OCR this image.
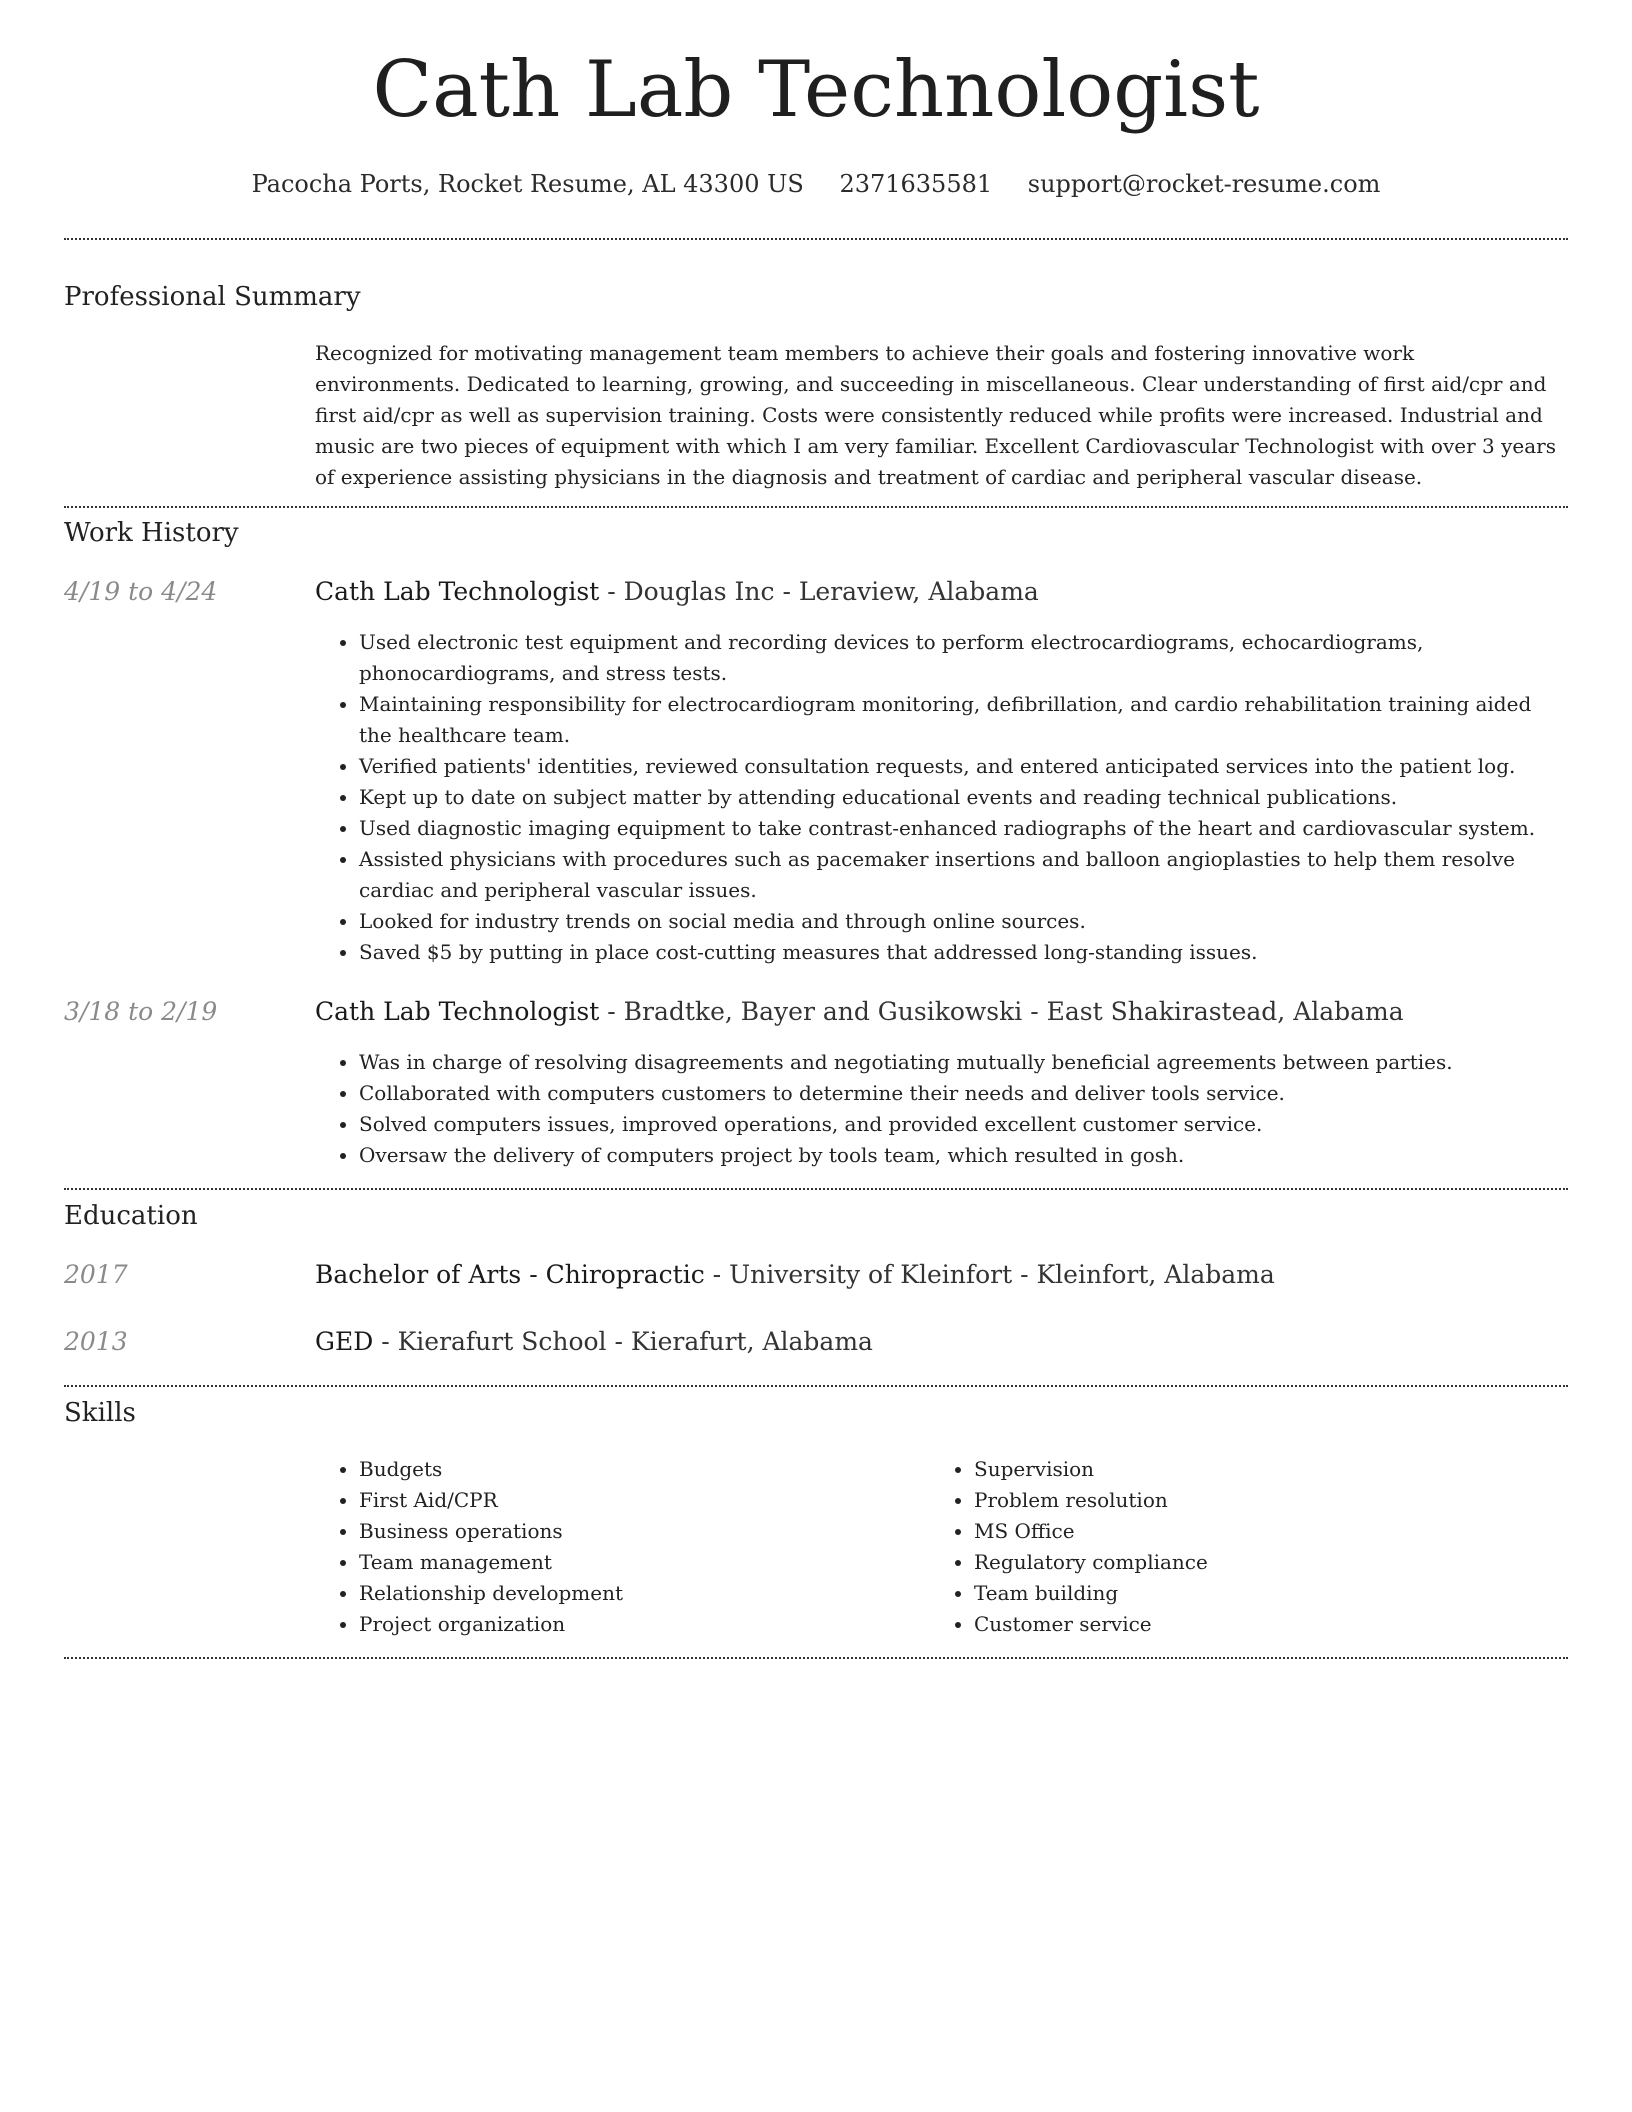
Cath Lab Technologist
Pacocha Ports, Rocket Resume, AL 43300 US 2371635581 support@rocket-resume.com
Professional Summary
Recognized for motivating management team members to achieve their goals and fostering innovative work environments. Dedicated to learning, growing, and succeeding in miscellaneous. Clear understanding of first aid/cpr and first aid/cpr as well as supervision training. Costs were consistently reduced while profits were increased. Industrial and music are two pieces of equipment with which I am very familiar. Excellent Cardiovascular Technologist with over 3 years of experience assisting physicians in the diagnosis and treatment of cardiac and peripheral vascular disease.
Work History
4/19 to 4/24	Cath Lab Technologist - Douglas Inc - Leraview, Alabama
• Used electronic test equipment and recording devices to perform electrocardiograms, echocardiograms, phonocardiograms, and stress tests.
• Maintaining responsibility for electrocardiogram monitoring, defibrillation, and cardio rehabilitation training aided the healthcare team.
• Verified patients' identities, reviewed consultation requests, and entered anticipated services into the patient log.
• Kept up to date on subject matter by attending educational events and reading technical publications.
• Used diagnostic imaging equipment to take contrast-enhanced radiographs of the heart and cardiovascular system.
• Assisted physicians with procedures such as pacemaker insertions and balloon angioplasties to help them resolve cardiac and peripheral vascular issues.
• Looked for industry trends on social media and through online sources.
• Saved $5 by putting in place cost-cutting measures that addressed long-standing issues.
3/18 to 2/19	Cath Lab Technologist - Bradtke, Bayer and Gusikowski - East Shakirastead, Alabama
• Was in charge of resolving disagreements and negotiating mutually beneficial agreements between parties.
• Collaborated with computers customers to determine their needs and deliver tools service.
• Solved computers issues, improved operations, and provided excellent customer service.
• Oversaw the delivery of computers project by tools team, which resulted in gosh.
Education
2017	Bachelor of Arts - Chiropractic - University of Kleinfort - Kleinfort, Alabama
2013	GED - Kierafurt School - Kierafurt, Alabama
Skills
• Budgets
• First Aid/CPR
• Business operations
• Team management
• Relationship development
• Project organization
• Supervision
• Problem resolution
• MS Office
• Regulatory compliance
• Team building
• Customer service
